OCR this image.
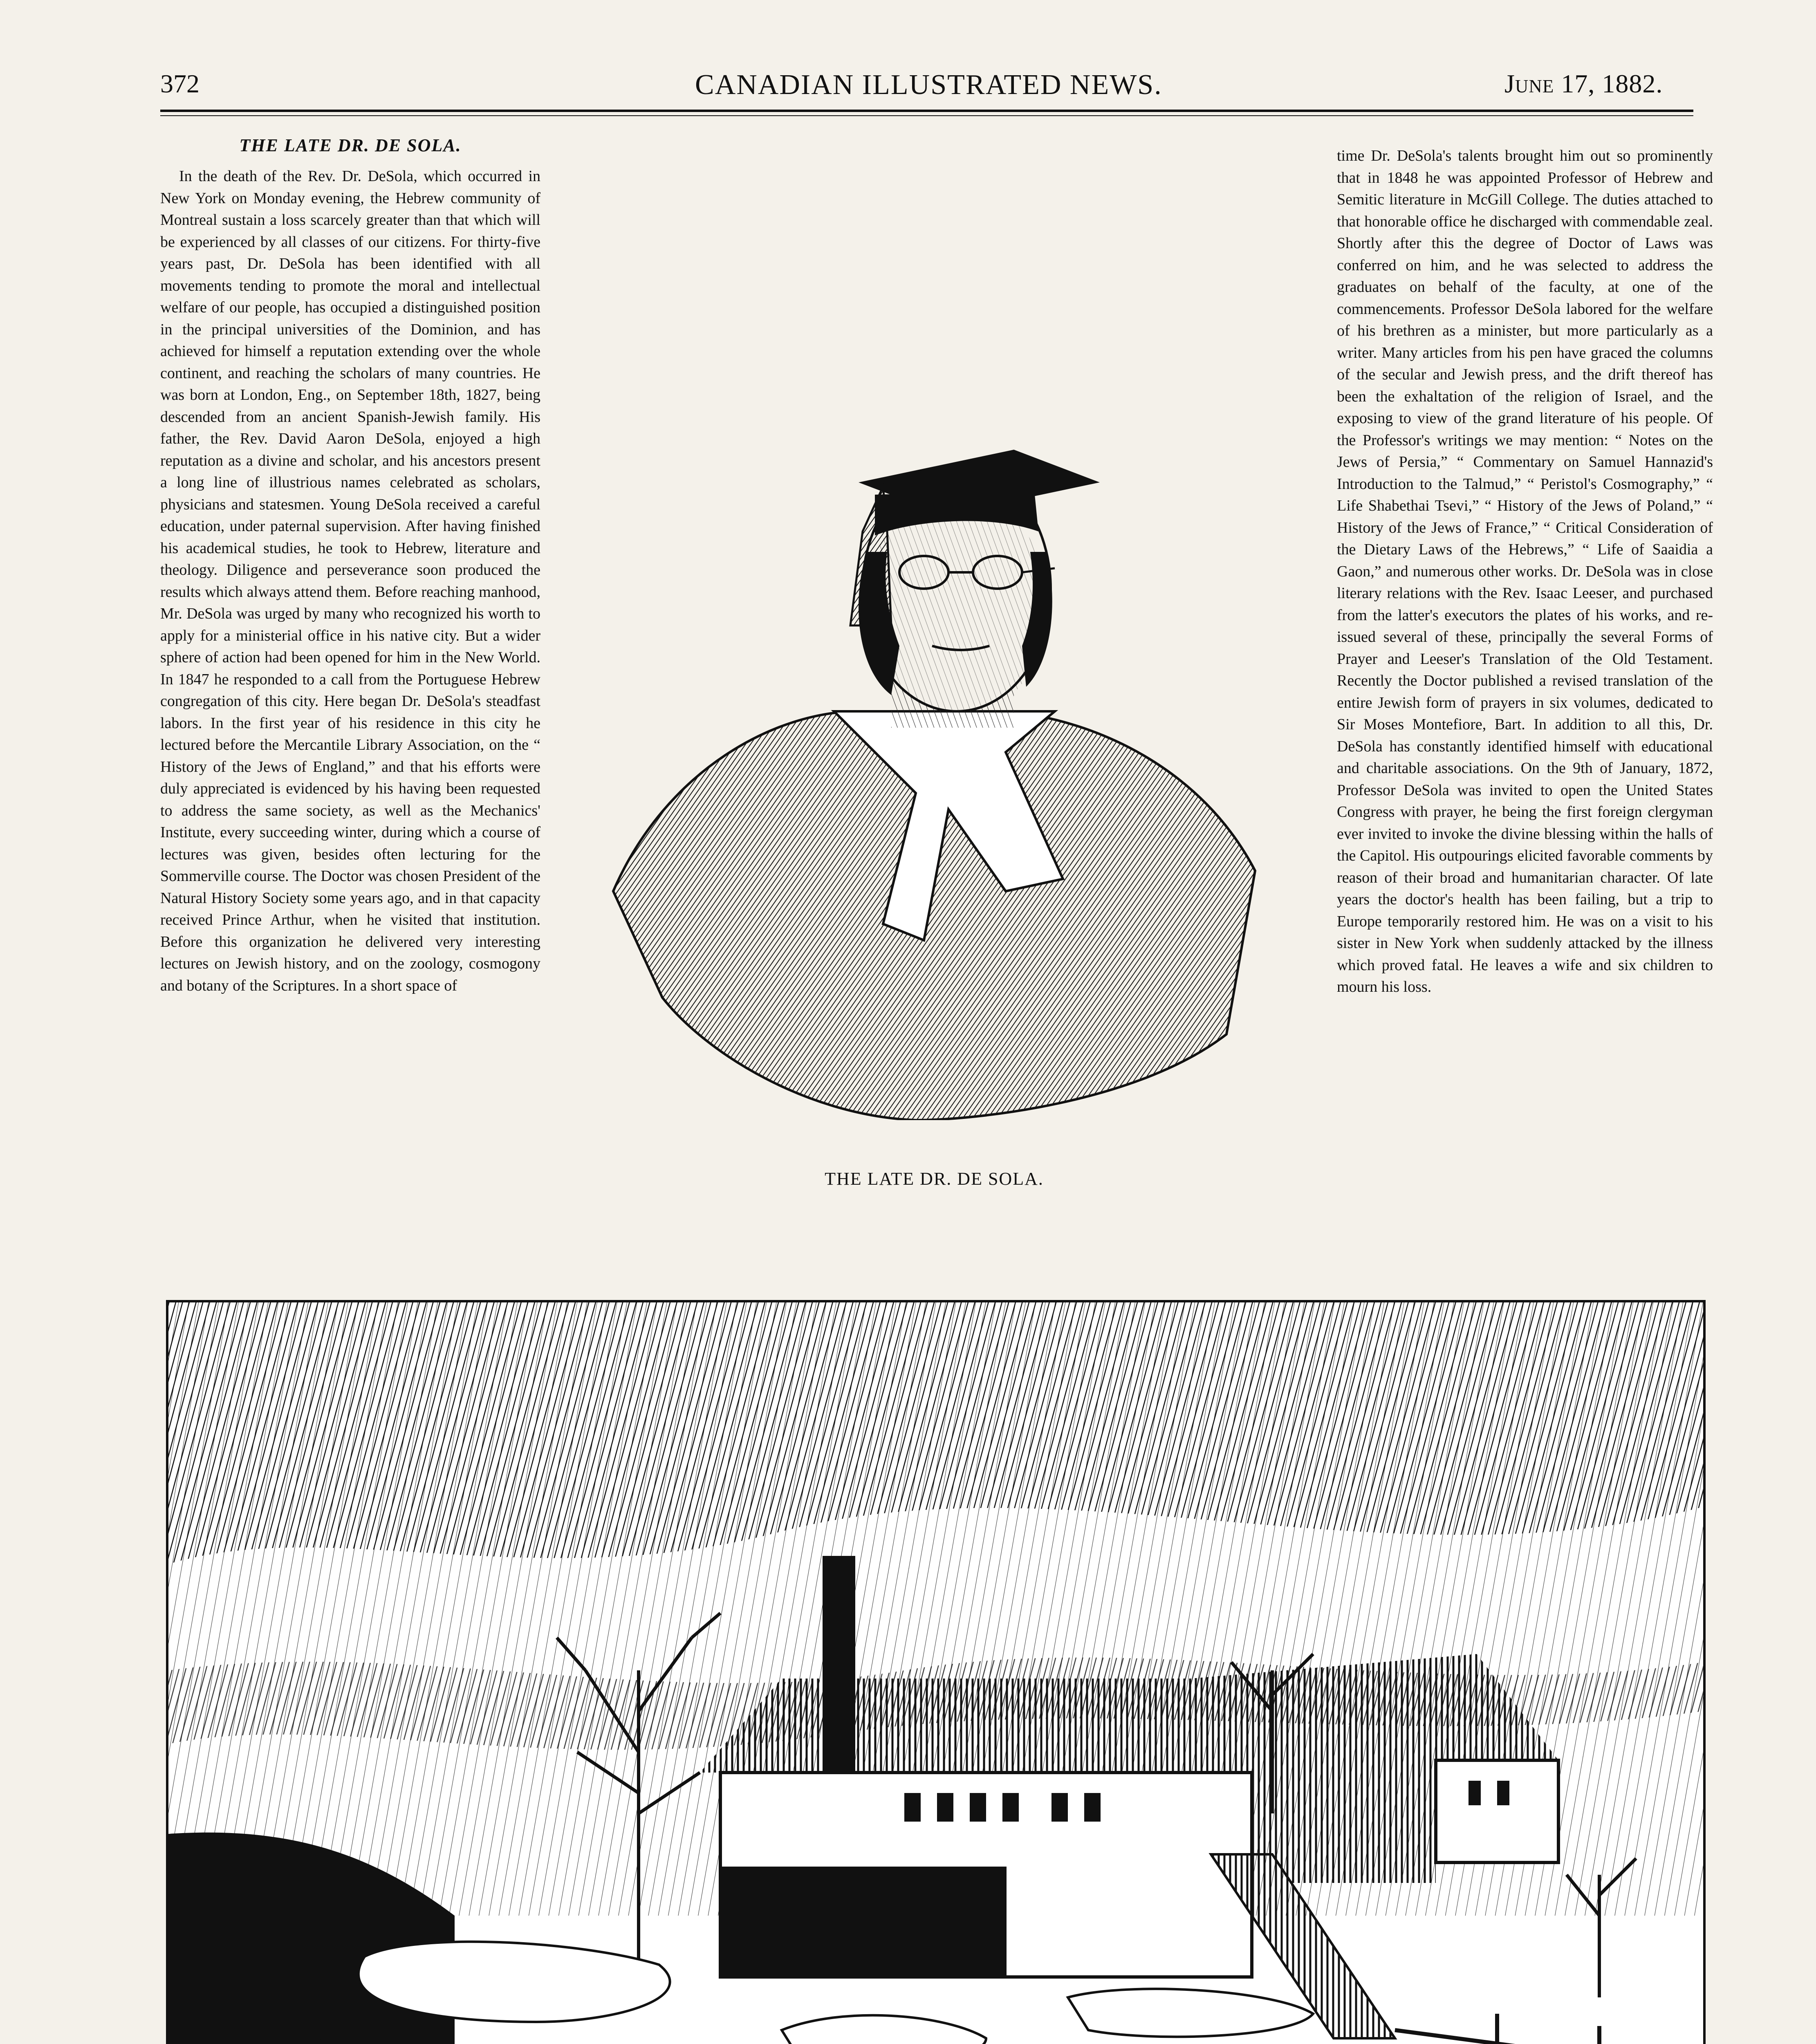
372	CANADIAN ILLUSTRATED NEWS.	June 17, 1882.
THE LATE DR. DE SOLA.

In the death of the Rev. Dr. DeSola, which occurred in New York on Monday evening, the Hebrew community of Montreal sustain a loss scarcely greater than that which will be experienced by all classes of our citizens. For thirty-five years past, Dr. DeSola has been identified with all movements tending to promote the moral and intellectual welfare of our people, has occupied a distinguished position in the principal universities of the Dominion, and has achieved for himself a reputation extending over the whole continent, and reaching the scholars of many countries. He was born at London, Eng., on September 18th, 1827, being descended from an ancient Spanish-Jewish family. His father, the Rev. David Aaron DeSola, enjoyed a high reputation as a divine and scholar, and his ancestors present a long line of illustrious names celebrated as scholars, physicians and statesmen. Young DeSola received a careful education, under paternal supervision. After having finished his academical studies, he took to Hebrew, literature and theology. Diligence and perseverance soon produced the results which always attend them. Before reaching manhood, Mr. DeSola was urged by many who recognized his worth to apply for a ministerial office in his native city. But a wider sphere of action had been opened for him in the New World. In 1847 he responded to a call from the Portuguese Hebrew congregation of this city. Here began Dr. DeSola's steadfast labors. In the first year of his residence in this city he lectured before the Mercantile Library Association, on the “ History of the Jews of England,” and that his efforts were duly appreciated is evidenced by his having been requested to address the same society, as well as the Mechanics' Institute, every succeeding winter, during which a course of lectures was given, besides often lecturing for the Sommerville course. The Doctor was chosen President of the Natural History Society some years ago, and in that capacity received Prince Arthur, when he visited that institution. Before this organization he delivered very interesting lectures on Jewish history, and on the zoology, cosmogony and botany of the Scriptures. In a short space of

THE LATE DR. DE SOLA.

time Dr. DeSola's talents brought him out so prominently that in 1848 he was appointed Professor of Hebrew and Semitic literature in McGill College. The duties attached to that honorable office he discharged with commendable zeal. Shortly after this the degree of Doctor of Laws was conferred on him, and he was selected to address the graduates on behalf of the faculty, at one of the commencements. Professor DeSola labored for the welfare of his brethren as a minister, but more particularly as a writer. Many articles from his pen have graced the columns of the secular and Jewish press, and the drift thereof has been the exhaltation of the religion of Israel, and the exposing to view of the grand literature of his people. Of the Professor's writings we may mention: “ Notes on the Jews of Persia,” “ Commentary on Samuel Hannazid's Introduction to the Talmud,” “ Peristol's Cosmography,” “ Life Shabethai Tsevi,” “ History of the Jews of Poland,” “ History of the Jews of France,” “ Critical Consideration of the Dietary Laws of the Hebrews,” “ Life of Saaidia a Gaon,” and numerous other works. Dr. DeSola was in close literary relations with the Rev. Isaac Leeser, and purchased from the latter's executors the plates of his works, and re-issued several of these, principally the several Forms of Prayer and Leeser's Translation of the Old Testament. Recently the Doctor published a revised translation of the entire Jewish form of prayers in six volumes, dedicated to Sir Moses Montefiore, Bart. In addition to all this, Dr. DeSola has constantly identified himself with educational and charitable associations. On the 9th of January, 1872, Professor DeSola was invited to open the United States Congress with prayer, he being the first foreign clergyman ever invited to invoke the divine blessing within the halls of the Capitol. His outpourings elicited favorable comments by reason of their broad and humanitarian character. Of late years the doctor's health has been failing, but a trip to Europe temporarily restored him. He was on a visit to his sister in New York when suddenly attacked by the illness which proved fatal. He leaves a wife and six children to mourn his loss.
